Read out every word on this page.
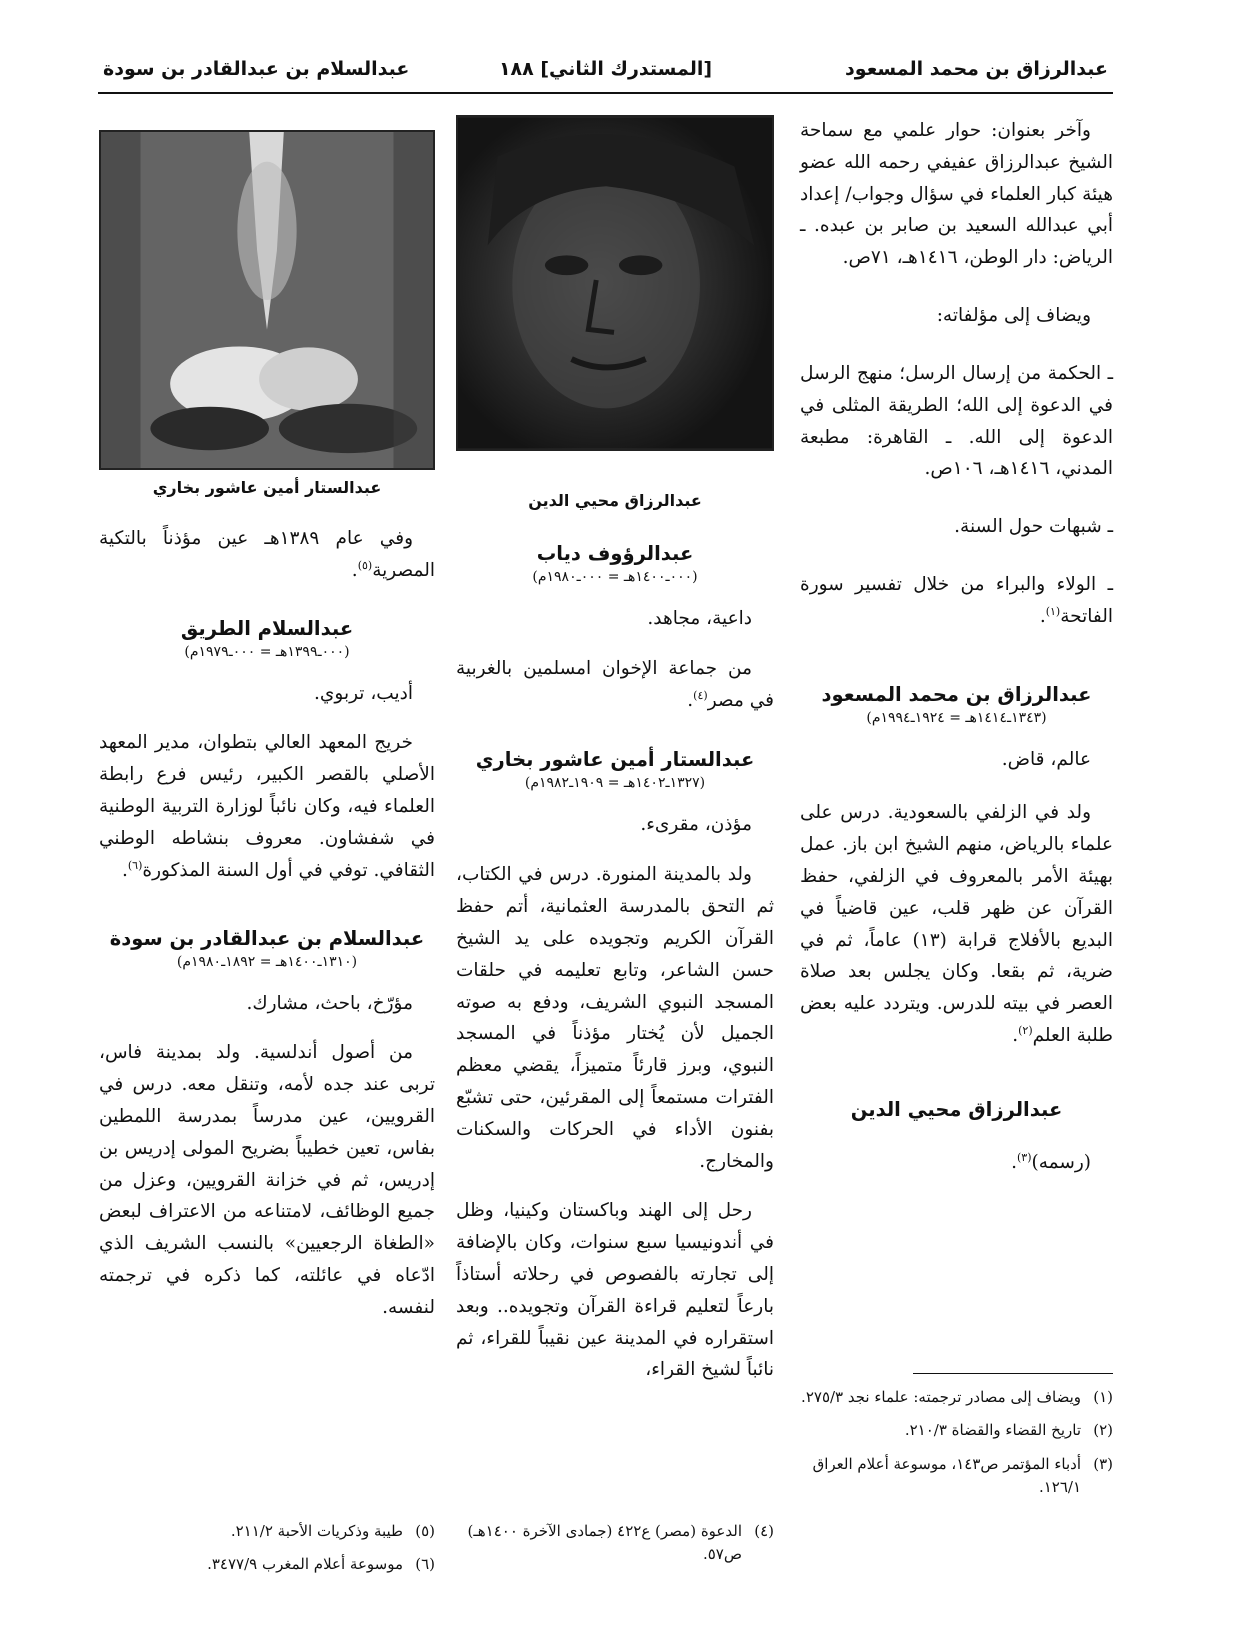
عبدالرزاق بن محمد المسعود
[المستدرك الثاني] ١٨٨
عبدالسلام بن عبدالقادر بن سودة

وآخر بعنوان: حوار علمي مع سماحة الشيخ عبدالرزاق عفيفي رحمه الله عضو هيئة كبار العلماء في سؤال وجواب/ إعداد أبي عبدالله السعيد بن صابر بن عبده. ـ الرياض: دار الوطن، ١٤١٦هـ، ٧١ص.

ويضاف إلى مؤلفاته:

ـ الحكمة من إرسال الرسل؛ منهج الرسل في الدعوة إلى الله؛ الطريقة المثلى في الدعوة إلى الله. ـ القاهرة: مطبعة المدني، ١٤١٦هـ، ١٠٦ص.

ـ شبهات حول السنة.

ـ الولاء والبراء من خلال تفسير سورة الفاتحة$^{(١)}$.

عبدالرزاق بن محمد المسعود
(١٣٤٣ـ١٤١٤هـ = ١٩٢٤ـ١٩٩٤م)

عالم، قاض.

ولد في الزلفي بالسعودية. درس على علماء بالرياض، منهم الشيخ ابن باز. عمل بهيئة الأمر بالمعروف في الزلفي، حفظ القرآن عن ظهر قلب، عين قاضياً في البديع بالأفلاج قرابة (١٣) عاماً، ثم في ضرية، ثم بقعا. وكان يجلس بعد صلاة العصر في بيته للدرس. ويتردد عليه بعض طلبة العلم$^{(٢)}$.

عبدالرزاق محيي الدين

(رسمه)$^{(٣)}$.

عبدالرزاق محيي الدين
عبدالرؤوف دياب
(٠٠٠ـ١٤٠٠هـ = ٠٠٠ـ١٩٨٠م)

داعية، مجاهد.

من جماعة الإخوان امسلمين بالغربية في مصر$^{(٤)}$.

عبدالستار أمين عاشور بخاري
(١٣٢٧ـ١٤٠٢هـ = ١٩٠٩ـ١٩٨٢م)

مؤذن، مقرىء.

ولد بالمدينة المنورة. درس في الكتاب، ثم التحق بالمدرسة العثمانية، أتم حفظ القرآن الكريم وتجويده على يد الشيخ حسن الشاعر، وتابع تعليمه في حلقات المسجد النبوي الشريف، ودفع به صوته الجميل لأن يُختار مؤذناً في المسجد النبوي، وبرز قارئاً متميزاً، يقضي معظم الفترات مستمعاً إلى المقرئين، حتى تشبّع بفنون الأداء في الحركات والسكنات والمخارج.

رحل إلى الهند وباكستان وكينيا، وظل في أندونيسيا سبع سنوات، وكان بالإضافة إلى تجارته بالفصوص في رحلاته أستاذاً بارعاً لتعليم قراءة القرآن وتجويده.. وبعد استقراره في المدينة عين نقيباً للقراء، ثم نائباً لشيخ القراء،

عبدالستار أمين عاشور بخاري

وفي عام ١٣٨٩هـ عين مؤذناً بالتكية المصرية$^{(٥)}$.

عبدالسلام الطريق
(٠٠٠ـ١٣٩٩هـ = ٠٠٠ـ١٩٧٩م)

أديب، تربوي.

خريج المعهد العالي بتطوان، مدير المعهد الأصلي بالقصر الكبير، رئيس فرع رابطة العلماء فيه، وكان نائباً لوزارة التربية الوطنية في شفشاون. معروف بنشاطه الوطني الثقافي. توفي في أول السنة المذكورة$^{(٦)}$.

عبدالسلام بن عبدالقادر بن سودة
(١٣١٠ـ١٤٠٠هـ = ١٨٩٢ـ١٩٨٠م)

مؤرّخ، باحث، مشارك.

من أصول أندلسية. ولد بمدينة فاس، تربى عند جده لأمه، وتنقل معه. درس في القرويين، عين مدرساً بمدرسة اللمطين بفاس، تعين خطيباً بضريح المولى إدريس بن إدريس، ثم في خزانة القرويين، وعزل من جميع الوظائف، لامتناعه من الاعتراف لبعض «الطغاة الرجعيين» بالنسب الشريف الذي ادّعاه في عائلته، كما ذكره في ترجمته لنفسه.

(١)
ويضاف إلى مصادر ترجمته: علماء نجد ٢٧٥/٣.
(٢)
تاريخ القضاء والقضاة ٢١٠/٣.
(٣)
أدباء المؤتمر ص١٤٣، موسوعة أعلام العراق ١٢٦/١.
(٤)
الدعوة (مصر) ع٤٢٢ (جمادى الآخرة ١٤٠٠هـ) ص٥٧.
(٥)
طيبة وذكريات الأحبة ٢١١/٢.
(٦)
موسوعة أعلام المغرب ٣٤٧٧/٩.
